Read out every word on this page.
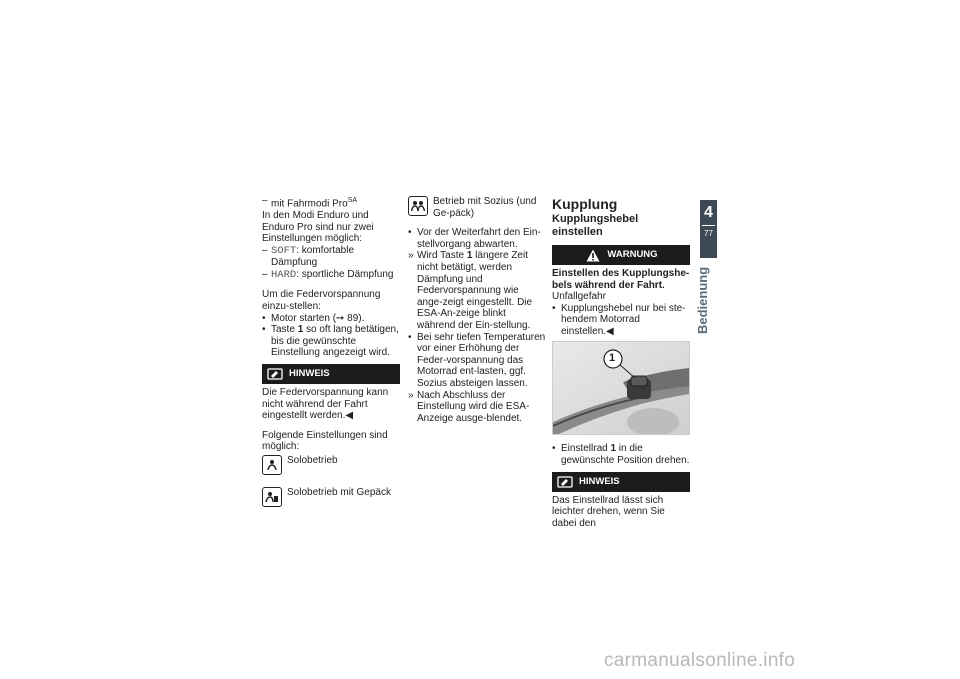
– mit Fahrmodi Pro$^{SA}$

In den Modi Enduro und Enduro Pro sind nur zwei Einstellungen möglich:

– SOFT: komfortable Dämpfung

– HARD: sportliche Dämpfung

Um die Federvorspannung einzu-stellen:

• Motor starten (➙ 89).

• Taste 1 so oft lang betätigen, bis die gewünschte Einstellung angezeigt wird.

HINWEIS

Die Federvorspannung kann nicht während der Fahrt eingestellt werden.◀

Folgende Einstellungen sind möglich:

Solobetrieb
Solobetrieb mit Gepäck
Betrieb mit Sozius (und Ge-päck)

• Vor der Weiterfahrt den Ein-stellvorgang abwarten.

» Wird Taste 1 längere Zeit nicht betätigt, werden Dämpfung und Federvorspannung wie ange-zeigt eingestellt. Die ESA-An-zeige blinkt während der Ein-stellung.

• Bei sehr tiefen Temperaturen vor einer Erhöhung der Feder-vorspannung das Motorrad ent-lasten, ggf. Sozius absteigen lassen.

» Nach Abschluss der Einstellung wird die ESA-Anzeige ausge-blendet.

Kupplung

Kupplungshebel einstellen

WARNUNG

Einstellen des Kupplungshe-bels während der Fahrt.

Unfallgefahr

• Kupplungshebel nur bei ste-hendem Motorrad einstellen.◀

1

• Einstellrad 1 in die gewünschte Position drehen.

HINWEIS

Das Einstellrad lässt sich leichter drehen, wenn Sie dabei den

4
77
Bedienung
carmanualsonline.info
